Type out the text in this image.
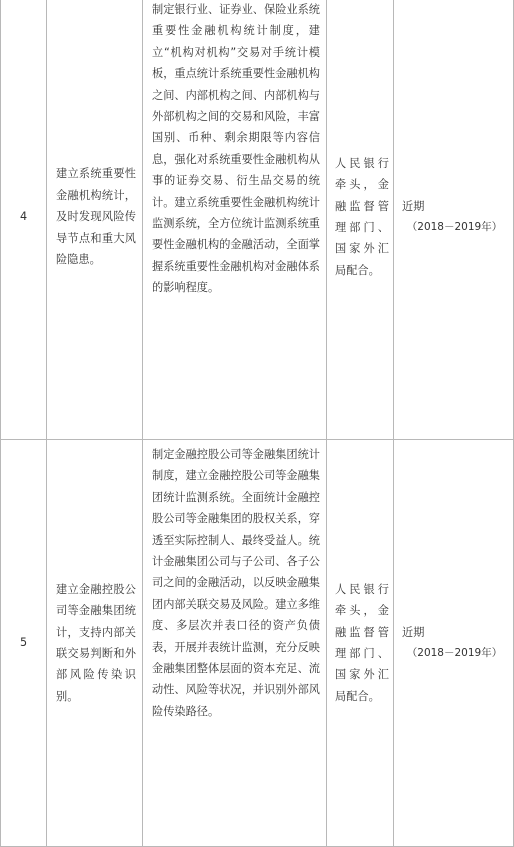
4	建立系统重要性金融机构统计，及时发现风险传导节点和重大风险隐患。	制定银行业、证券业、保险业系统重要性金融机构统计制度，建立“机构对机构”交易对手统计模板，重点统计系统重要性金融机构之间、内部机构之间、内部机构与外部机构之间的交易和风险，丰富国别、币种、剩余期限等内容信息，强化对系统重要性金融机构从事的证券交易、衍生品交易的统计。建立系统重要性金融机构统计监测系统，全方位统计监测系统重要性金融机构的金融活动，全面掌握系统重要性金融机构对金融体系的影响程度。	人民银行牵头，金融监督管理部门、国家外汇局配合。	近期
（2018－2019年）

5	建立金融控股公司等金融集团统计，支持内部关联交易判断和外部风险传染识别。	制定金融控股公司等金融集团统计制度，建立金融控股公司等金融集团统计监测系统。全面统计金融控股公司等金融集团的股权关系，穿透至实际控制人、最终受益人。统计金融集团公司与子公司、各子公司之间的金融活动，以反映金融集团内部关联交易及风险。建立多维度、多层次并表口径的资产负债表，开展并表统计监测，充分反映金融集团整体层面的资本充足、流动性、风险等状况，并识别外部风险传染路径。	人民银行牵头，金融监督管理部门、国家外汇局配合。	近期
（2018－2019年）
